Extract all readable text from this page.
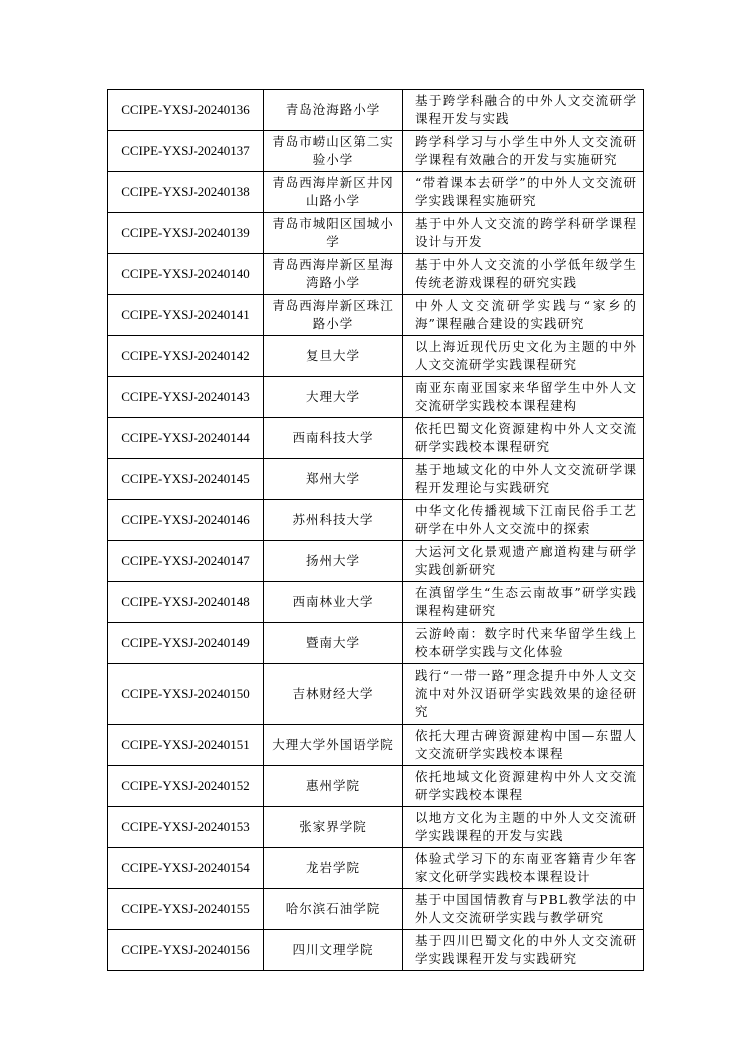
CCIPE-YXSJ-20240136	青岛沧海路小学	基于跨学科融合的中外人文交流研学课程开发与实践
CCIPE-YXSJ-20240137	青岛市崂山区第二实验小学	跨学科学习与小学生中外人文交流研学课程有效融合的开发与实施研究
CCIPE-YXSJ-20240138	青岛西海岸新区井冈山路小学	“带着课本去研学”的中外人文交流研学实践课程实施研究
CCIPE-YXSJ-20240139	青岛市城阳区国城小学	基于中外人文交流的跨学科研学课程设计与开发
CCIPE-YXSJ-20240140	青岛西海岸新区星海湾路小学	基于中外人文交流的小学低年级学生传统老游戏课程的研究实践
CCIPE-YXSJ-20240141	青岛西海岸新区珠江路小学	中外人文交流研学实践与“家乡的海”课程融合建设的实践研究
CCIPE-YXSJ-20240142	复旦大学	以上海近现代历史文化为主题的中外人文交流研学实践课程研究
CCIPE-YXSJ-20240143	大理大学	南亚东南亚国家来华留学生中外人文交流研学实践校本课程建构
CCIPE-YXSJ-20240144	西南科技大学	依托巴蜀文化资源建构中外人文交流研学实践校本课程研究
CCIPE-YXSJ-20240145	郑州大学	基于地域文化的中外人文交流研学课程开发理论与实践研究
CCIPE-YXSJ-20240146	苏州科技大学	中华文化传播视域下江南民俗手工艺研学在中外人文交流中的探索
CCIPE-YXSJ-20240147	扬州大学	大运河文化景观遗产廊道构建与研学实践创新研究
CCIPE-YXSJ-20240148	西南林业大学	在滇留学生“生态云南故事”研学实践课程构建研究
CCIPE-YXSJ-20240149	暨南大学	云游岭南：数字时代来华留学生线上校本研学实践与文化体验
CCIPE-YXSJ-20240150	吉林财经大学	践行“一带一路”理念提升中外人文交流中对外汉语研学实践效果的途径研究
CCIPE-YXSJ-20240151	大理大学外国语学院	依托大理古碑资源建构中国—东盟人文交流研学实践校本课程
CCIPE-YXSJ-20240152	惠州学院	依托地域文化资源建构中外人文交流研学实践校本课程
CCIPE-YXSJ-20240153	张家界学院	以地方文化为主题的中外人文交流研学实践课程的开发与实践
CCIPE-YXSJ-20240154	龙岩学院	体验式学习下的东南亚客籍青少年客家文化研学实践校本课程设计
CCIPE-YXSJ-20240155	哈尔滨石油学院	基于中国国情教育与PBL教学法的中外人文交流研学实践与教学研究
CCIPE-YXSJ-20240156	四川文理学院	基于四川巴蜀文化的中外人文交流研学实践课程开发与实践研究
